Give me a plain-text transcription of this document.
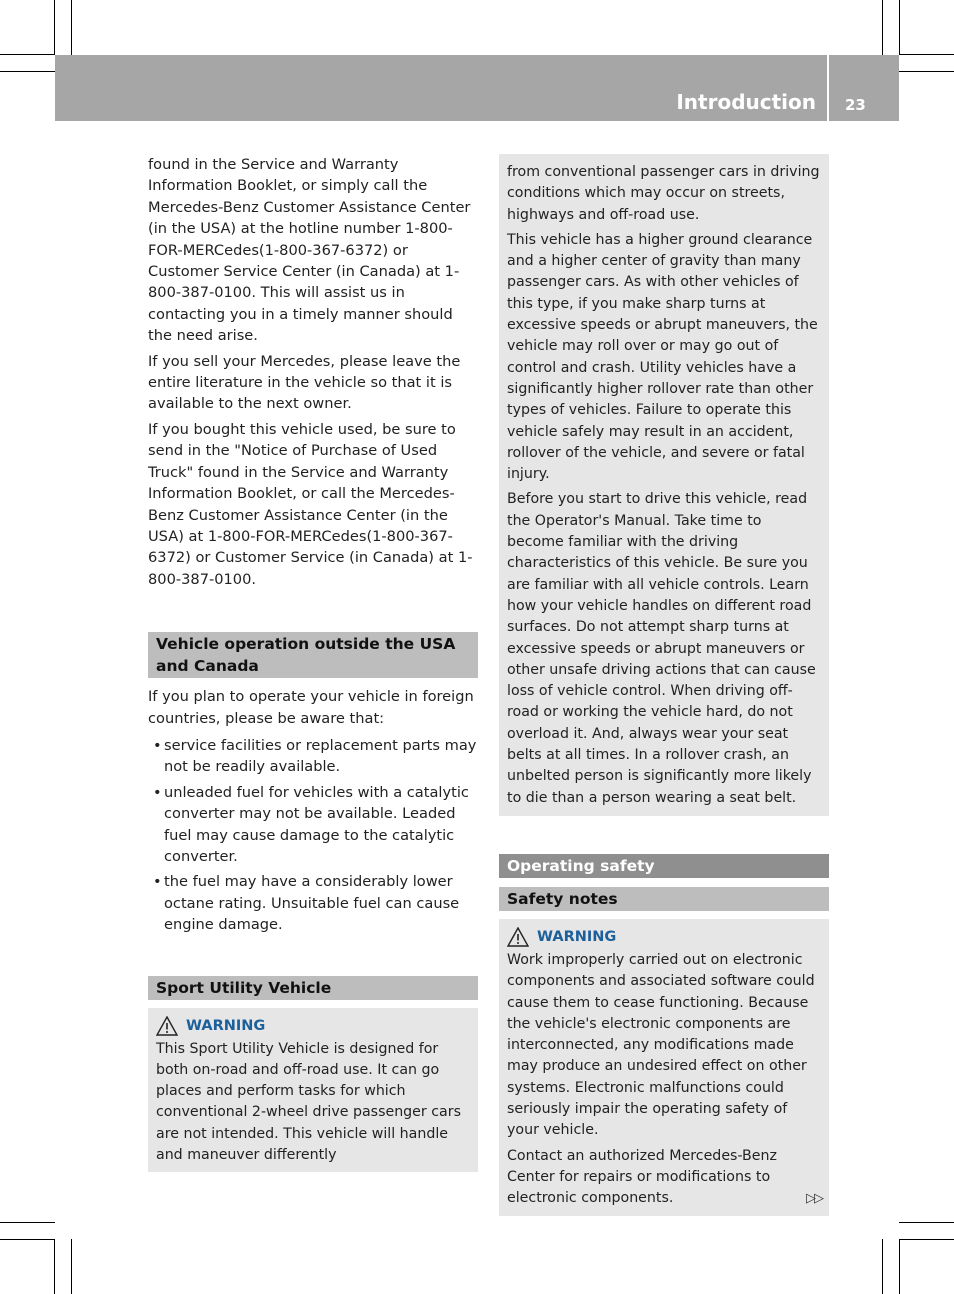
Introduction 23

found in the Service and Warranty Information Booklet, or simply call the Mercedes-Benz Customer Assistance Center (in the USA) at the hotline number 1-800-FOR-MERCedes(1-800-367-6372) or Customer Service Center (in Canada) at 1-800-387-0100. This will assist us in contacting you in a timely manner should the need arise.

If you sell your Mercedes, please leave the entire literature in the vehicle so that it is available to the next owner.

If you bought this vehicle used, be sure to send in the "Notice of Purchase of Used Truck" found in the Service and Warranty Information Booklet, or call the Mercedes-Benz Customer Assistance Center (in the USA) at 1-800-FOR-MERCedes(1-800-367-6372) or Customer Service (in Canada) at 1-800-387-0100.

Vehicle operation outside the USA and Canada

If you plan to operate your vehicle in foreign countries, please be aware that:

• service facilities or replacement parts may not be readily available.
• unleaded fuel for vehicles with a catalytic converter may not be available. Leaded fuel may cause damage to the catalytic converter.
• the fuel may have a considerably lower octane rating. Unsuitable fuel can cause engine damage.
Sport Utility Vehicle
WARNING

This Sport Utility Vehicle is designed for both on-road and off-road use. It can go places and perform tasks for which conventional 2-wheel drive passenger cars are not intended. This vehicle will handle and maneuver differently

from conventional passenger cars in driving conditions which may occur on streets, highways and off-road use.

This vehicle has a higher ground clearance and a higher center of gravity than many passenger cars. As with other vehicles of this type, if you make sharp turns at excessive speeds or abrupt maneuvers, the vehicle may roll over or may go out of control and crash. Utility vehicles have a significantly higher rollover rate than other types of vehicles. Failure to operate this vehicle safely may result in an accident, rollover of the vehicle, and severe or fatal injury.

Before you start to drive this vehicle, read the Operator's Manual. Take time to become familiar with the driving characteristics of this vehicle. Be sure you are familiar with all vehicle controls. Learn how your vehicle handles on different road surfaces. Do not attempt sharp turns at excessive speeds or abrupt maneuvers or other unsafe driving actions that can cause loss of vehicle control. When driving off-road or working the vehicle hard, do not overload it. And, always wear your seat belts at all times. In a rollover crash, an unbelted person is significantly more likely to die than a person wearing a seat belt.

Operating safety
Safety notes
WARNING

Work improperly carried out on electronic components and associated software could cause them to cease functioning. Because the vehicle's electronic components are interconnected, any modifications made may produce an undesired effect on other systems. Electronic malfunctions could seriously impair the operating safety of your vehicle.

Contact an authorized Mercedes-Benz Center for repairs or modifications to electronic components.	▷▷
